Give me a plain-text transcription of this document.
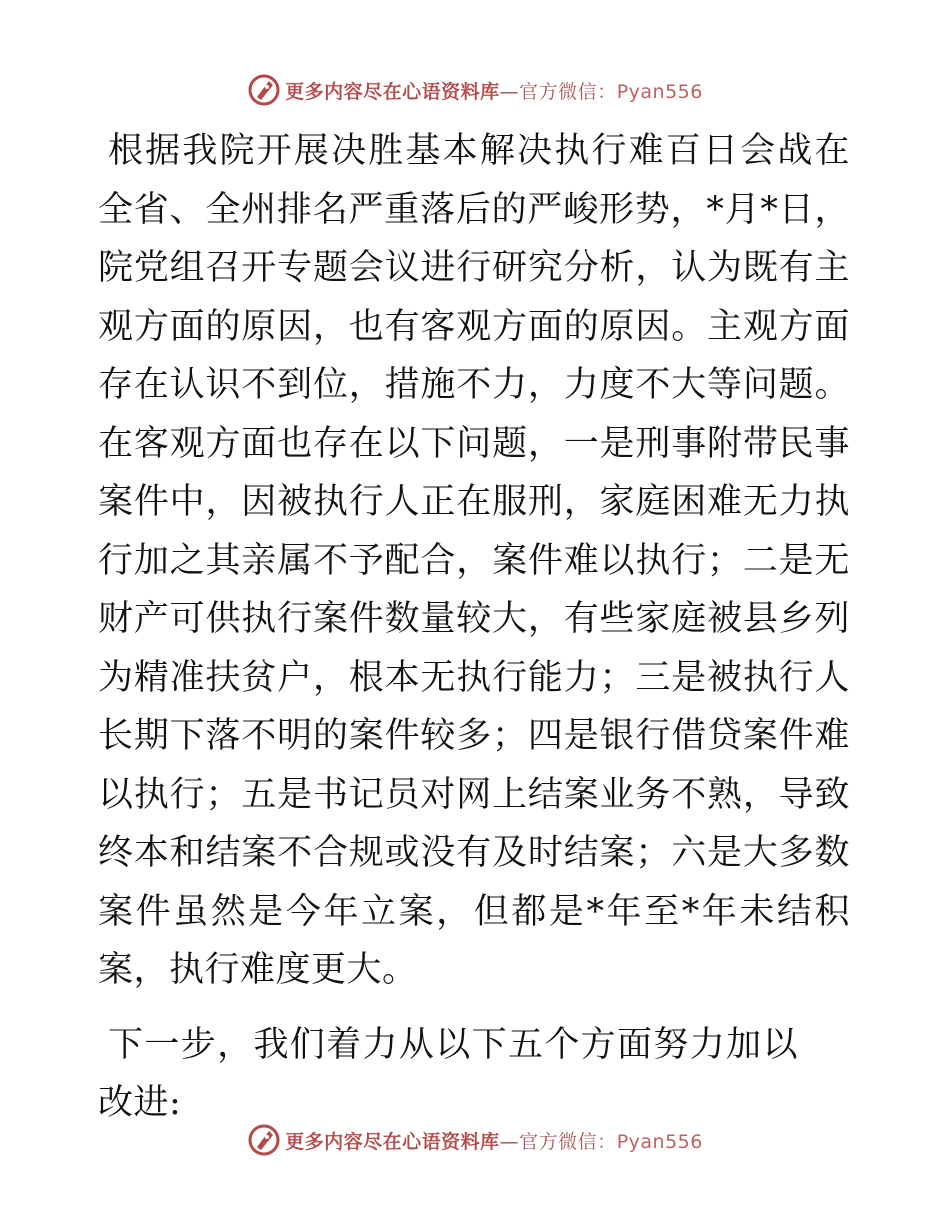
更多内容尽在心语资料库—官方微信：Pyan556

根据我院开展决胜基本解决执行难百日会战在全省、全州排名严重落后的严峻形势，*月*日，院党组召开专题会议进行研究分析，认为既有主观方面的原因，也有客观方面的原因。主观方面存在认识不到位，措施不力，力度不大等问题。在客观方面也存在以下问题，一是刑事附带民事案件中，因被执行人正在服刑，家庭困难无力执行加之其亲属不予配合，案件难以执行；二是无财产可供执行案件数量较大，有些家庭被县乡列为精准扶贫户，根本无执行能力；三是被执行人长期下落不明的案件较多；四是银行借贷案件难以执行；五是书记员对网上结案业务不熟，导致终本和结案不合规或没有及时结案；六是大多数案件虽然是今年立案，但都是*年至*年未结积案，执行难度更大。

下一步，我们着力从以下五个方面努力加以改进:

更多内容尽在心语资料库—官方微信：Pyan556
